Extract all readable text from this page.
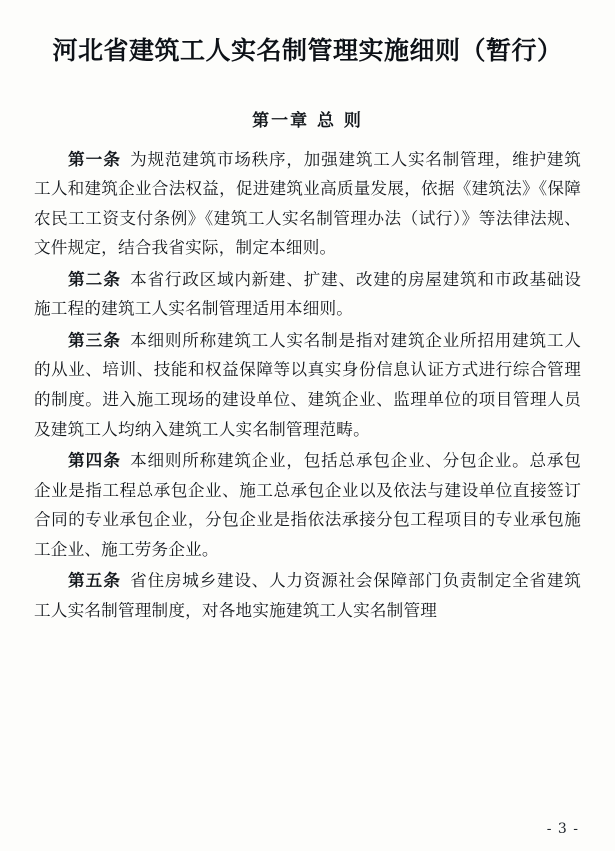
河北省建筑工人实名制管理实施细则（暂行）
第一章 总 则

第一条 为规范建筑市场秩序，加强建筑工人实名制管理，维护建筑工人和建筑企业合法权益，促进建筑业高质量发展，依据《建筑法》《保障农民工工资支付条例》《建筑工人实名制管理办法（试行）》等法律法规、文件规定，结合我省实际，制定本细则。

第二条 本省行政区域内新建、扩建、改建的房屋建筑和市政基础设施工程的建筑工人实名制管理适用本细则。

第三条 本细则所称建筑工人实名制是指对建筑企业所招用建筑工人的从业、培训、技能和权益保障等以真实身份信息认证方式进行综合管理的制度。进入施工现场的建设单位、建筑企业、监理单位的项目管理人员及建筑工人均纳入建筑工人实名制管理范畴。

第四条 本细则所称建筑企业，包括总承包企业、分包企业。总承包企业是指工程总承包企业、施工总承包企业以及依法与建设单位直接签订合同的专业承包企业，分包企业是指依法承接分包工程项目的专业承包施工企业、施工劳务企业。

第五条 省住房城乡建设、人力资源社会保障部门负责制定全省建筑工人实名制管理制度，对各地实施建筑工人实名制管理

- 3 -
